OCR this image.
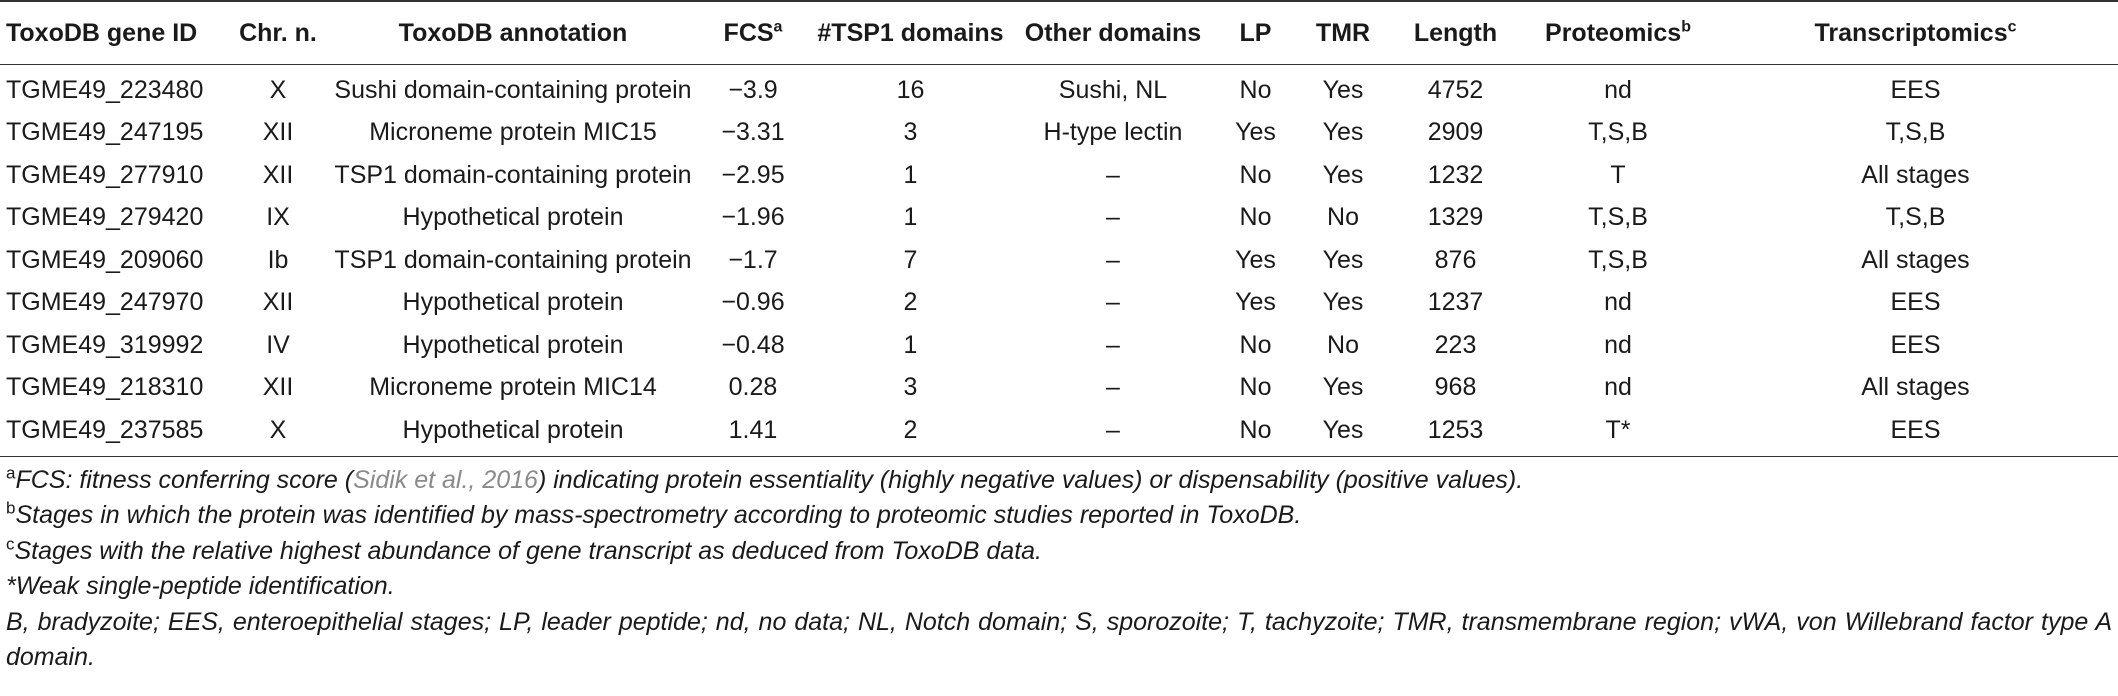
ToxoDB gene ID	Chr. n.	ToxoDB annotation	FCS$^a$	#TSP1 domains	Other domains	LP	TMR	Length	Proteomics$^b$	Transcriptomics$^c$
TGME49_223480	X	Sushi domain-containing protein	−3.9	16	Sushi, NL	No	Yes	4752	nd	EES
TGME49_247195	XII	Microneme protein MIC15	−3.31	3	H-type lectin	Yes	Yes	2909	T,S,B	T,S,B
TGME49_277910	XII	TSP1 domain-containing protein	−2.95	1	–	No	Yes	1232	T	All stages
TGME49_279420	IX	Hypothetical protein	−1.96	1	–	No	No	1329	T,S,B	T,S,B
TGME49_209060	Ib	TSP1 domain-containing protein	−1.7	7	–	Yes	Yes	876	T,S,B	All stages
TGME49_247970	XII	Hypothetical protein	−0.96	2	–	Yes	Yes	1237	nd	EES
TGME49_319992	IV	Hypothetical protein	−0.48	1	–	No	No	223	nd	EES
TGME49_218310	XII	Microneme protein MIC14	0.28	3	–	No	Yes	968	nd	All stages
TGME49_237585	X	Hypothetical protein	1.41	2	–	No	Yes	1253	T*	EES

$^a$FCS: fitness conferring score (Sidik et al., 2016) indicating protein essentiality (highly negative values) or dispensability (positive values).

$^b$Stages in which the protein was identified by mass-spectrometry according to proteomic studies reported in ToxoDB.

$^c$Stages with the relative highest abundance of gene transcript as deduced from ToxoDB data.

*Weak single-peptide identification.

B, bradyzoite; EES, enteroepithelial stages; LP, leader peptide; nd, no data; NL, Notch domain; S, sporozoite; T, tachyzoite; TMR, transmembrane region; vWA, von Willebrand factor type A domain.
